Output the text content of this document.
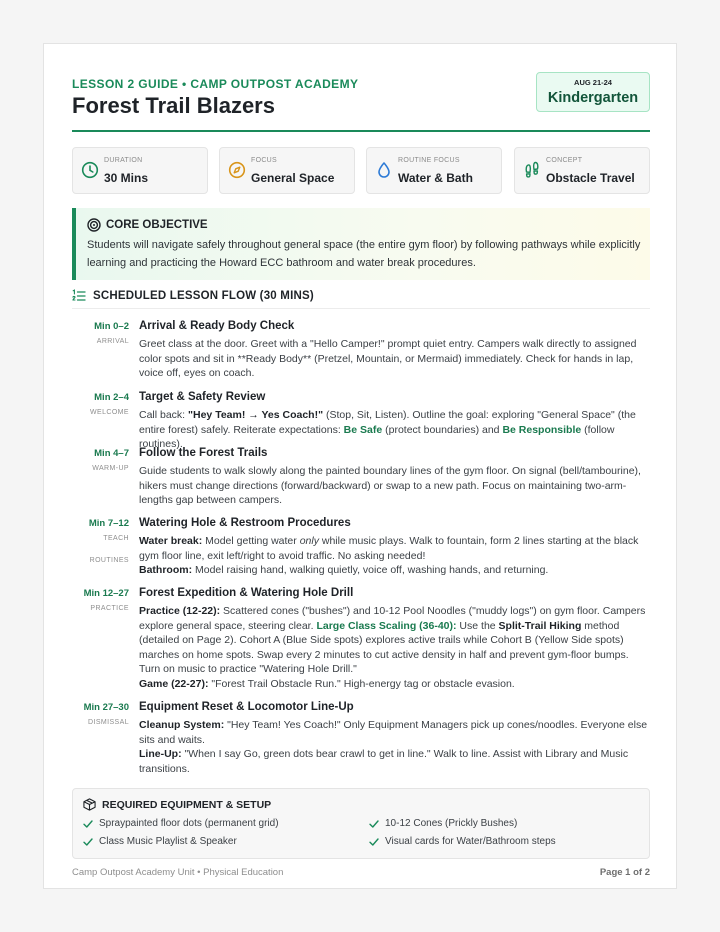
LESSON 2 GUIDE • CAMP OUTPOST ACADEMY
Forest Trail Blazers
AUG 21-24
Kindergarten
DURATION
30 Mins
FOCUS
General Space
ROUTINE FOCUS
Water & Bath
CONCEPT
Obstacle Travel
CORE OBJECTIVE
Students will navigate safely throughout general space (the entire gym floor) by following pathways while explicitly learning and practicing the Howard ECC bathroom and water break procedures.
SCHEDULED LESSON FLOW (30 MINS)
Min 0–2
ARRIVAL
Arrival & Ready Body Check
Greet class at the door. Greet with a "Hello Camper!" prompt quiet entry. Campers walk directly to assigned color spots and sit in **Ready Body** (Pretzel, Mountain, or Mermaid) immediately. Check for hands in lap, voice off, eyes on coach.
Min 2–4
WELCOME
Target & Safety Review
Call back: "Hey Team! → Yes Coach!" (Stop, Sit, Listen). Outline the goal: exploring "General Space" (the entire forest) safely. Reiterate expectations: Be Safe (protect boundaries) and Be Responsible (follow routines).
Min 4–7
WARM-UP
Follow the Forest Trails
Guide students to walk slowly along the painted boundary lines of the gym floor. On signal (bell/tambourine), hikers must change directions (forward/backward) or swap to a new path. Focus on maintaining two-arm-lengths gap between campers.
Min 7–12
TEACH
ROUTINES
Watering Hole & Restroom Procedures
Water break: Model getting water only while music plays. Walk to fountain, form 2 lines starting at the black gym floor line, exit left/right to avoid traffic. No asking needed!
Bathroom: Model raising hand, walking quietly, voice off, washing hands, and returning.
Min 12–27
PRACTICE
Forest Expedition & Watering Hole Drill
Practice (12-22): Scattered cones ("bushes") and 10-12 Pool Noodles ("muddy logs") on gym floor. Campers explore general space, steering clear. Large Class Scaling (36-40): Use the Split-Trail Hiking method (detailed on Page 2). Cohort A (Blue Side spots) explores active trails while Cohort B (Yellow Side spots) marches on home spots. Swap every 2 minutes to cut active density in half and prevent gym-floor bumps. Turn on music to practice "Watering Hole Drill."
Game (22-27): "Forest Trail Obstacle Run." High-energy tag or obstacle evasion.
Min 27–30
DISMISSAL
Equipment Reset & Locomotor Line-Up
Cleanup System: "Hey Team! Yes Coach!" Only Equipment Managers pick up cones/noodles. Everyone else sits and waits.
Line-Up: "When I say Go, green dots bear crawl to get in line." Walk to line. Assist with Library and Music transitions.
REQUIRED EQUIPMENT & SETUP
Spraypainted floor dots (permanent grid)	10-12 Cones (Prickly Bushes)
Class Music Playlist & Speaker	Visual cards for Water/Bathroom steps
Camp Outpost Academy Unit • Physical Education	Page 1 of 2
